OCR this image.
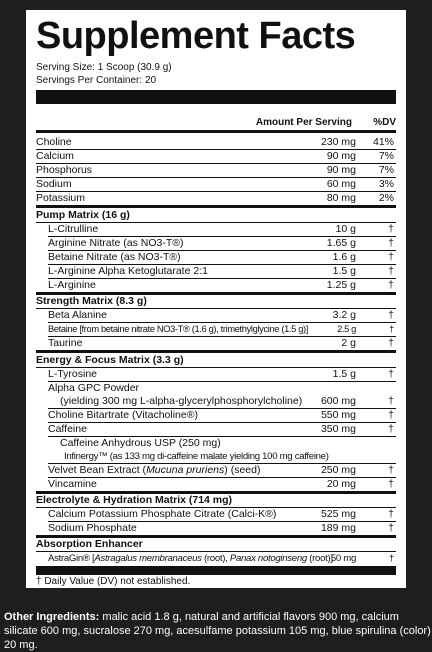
Supplement Facts
Serving Size: 1 Scoop (30.9 g)
Servings Per Container: 20
Amount Per Serving %DV
Choline	230 mg 41%
Calcium	90 mg 7%
Phosphorus	90 mg 7%
Sodium	60 mg 3%
Potassium	80 mg 2%
Pump Matrix (16 g)
L-Citrulline	10 g	†
Arginine Nitrate (as NO3-T®)	1.65 g	†
Betaine Nitrate (as NO3-T®)	1.6 g	†
L-Arginine Alpha Ketoglutarate 2:1	1.5 g	†
L-Arginine	1.25 g	†
Strength Matrix (8.3 g)
Beta Alanine	3.2 g	†
Betaine [from betaine nitrate NO3-T® (1.6 g), trimethylglycine (1.5 g)]	2.5 g	†
Taurine	2 g	†
Energy & Focus Matrix (3.3 g)
L-Tyrosine	1.5 g	†
Alpha GPC Powder
(yielding 300 mg L-alpha-glycerylphosphorylcholine) 600 mg	†
Choline Bitartrate (Vitacholine®)	550 mg	†
Caffeine	350 mg	†
Caffeine Anhydrous USP (250 mg)
Infinergy™ (as 133 mg di-caffeine malate yielding 100 mg caffeine)
Velvet Bean Extract (Mucuna pruriens) (seed)	250 mg	†
Vincamine	20 mg	†
Electrolyte & Hydration Matrix (714 mg)
Calcium Potassium Phosphate Citrate (Calci-K®)	525 mg	†
Sodium Phosphate	189 mg	†
Absorption Enhancer
AstraGin® [Astragalus membranaceus (root), Panax notoginseng (root)]
50 mg	†
† Daily Value (DV) not established.
Other Ingredients: malic acid 1.8 g, natural and artificial flavors 900 mg, calcium silicate 600 mg, sucralose 270 mg, acesulfame potassium 105 mg, blue spirulina (color) 20 mg.
